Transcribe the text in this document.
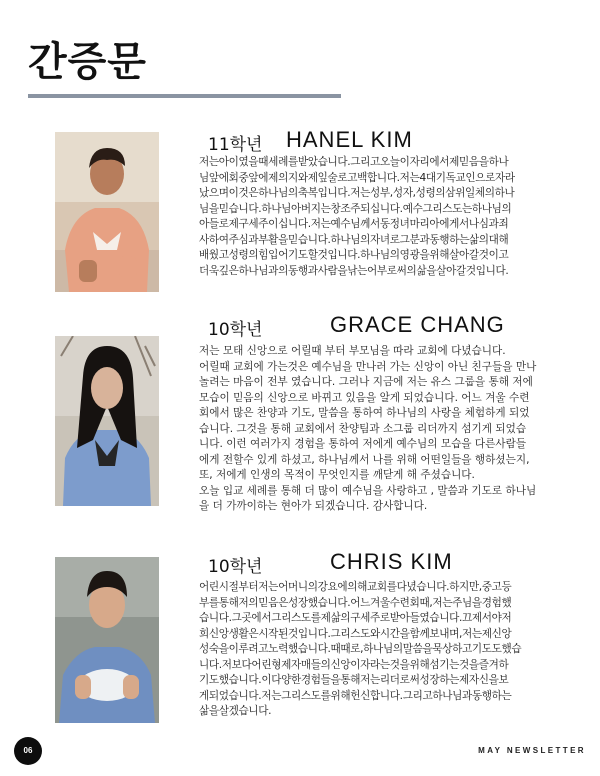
간증문
11학년 HANEL KIM
저는아이였을때세례를받았습니다.그리고오늘이자리에서제믿음을하나
님앞에회중앞에제의지와제잎술로고백합니다.저는4대기독교인으로자라
났으며이것은하나님의축복입니다.저는성부,성자,성령의삼위일체의하나
님을믿습니다.하나님아버지는창조주되십니다.예수그리스도는하나님의
아들로제구세주이십니다.저는예수님께서동정녀마리아에게서나심과죄
사하여주심과부활을믿습니다.하나님의자녀로그분과동행하는삶의대해
배웠고성령의힘입어기도할것입니다.하나님의영광을위해살아갈것이고
더욱깊은하나님과의동행과사람을낚는어부로써의삶을살아갈것입니다.
10학년	GRACE CHANG
저는 모태 신앙으로 어릴때 부터 부모님을 따라 교회에 다녔습니다.
어릴때 교회에 가는것은 예수님을 만나러 가는 신앙이 아닌 친구들을 만나
놀려는 마음이 전부 였습니다. 그러나 지금에 저는 유스 그룹을 통해 저에
모습이 믿음의 신앙으로 바뀌고 있음을 알게 되었습니다. 어느 겨울 수련
회에서 많은 찬양과 기도, 말씀을 통하여 하나님의 사랑을 체험하게 되었
습니다. 그것을 통해 교회에서 찬양팀과 소그룹 리더까지 섬기게 되었습
니다. 이런 여러가지 경험을 통하여 저에게 예수님의 모습을 다른사람들
에게 전할수 있게 하셨고, 하나님께서 나를 위해 어떤일들을 행하셨는지,
또, 저에게 인생의 목적이 무엇인지를 깨닫게 해 주셨습니다.
오늘 입교 세례를 통해 더 많이 예수님을 사랑하고 , 말씀과 기도로 하나님
을 더 가까이하는 현아가 되겠습니다. 감사합니다.
10학년	CHRIS KIM
어린시절부터저는어머니의강요에의해교회를다녔습니다.하지만,중고등
부를통해저의믿음은성장했습니다.어느겨울수련회때,저는주님을경험했
습니다.그곳에서그리스도를제삶의구세주로받아들였습니다.끄제서야저
희신앙생활은시작된것입니다.그리스도와시간을함께보내며,저는제신앙
성숙을이루려고노력했습니다.때때로,하나님의말씀을묵상하고기도도했습
니다.저보다어린형제자매들의신앙이자라는것을위해섬기는것을즐겨하
기도했습니다.이다양한경험들을통해저는리더로써성장하는제자신을보
게되었습니다.저는그리스도를위해헌신합니다.그리고하나님과동행하는
삶을살겠습니다.
06	MAY NEWSLETTER
